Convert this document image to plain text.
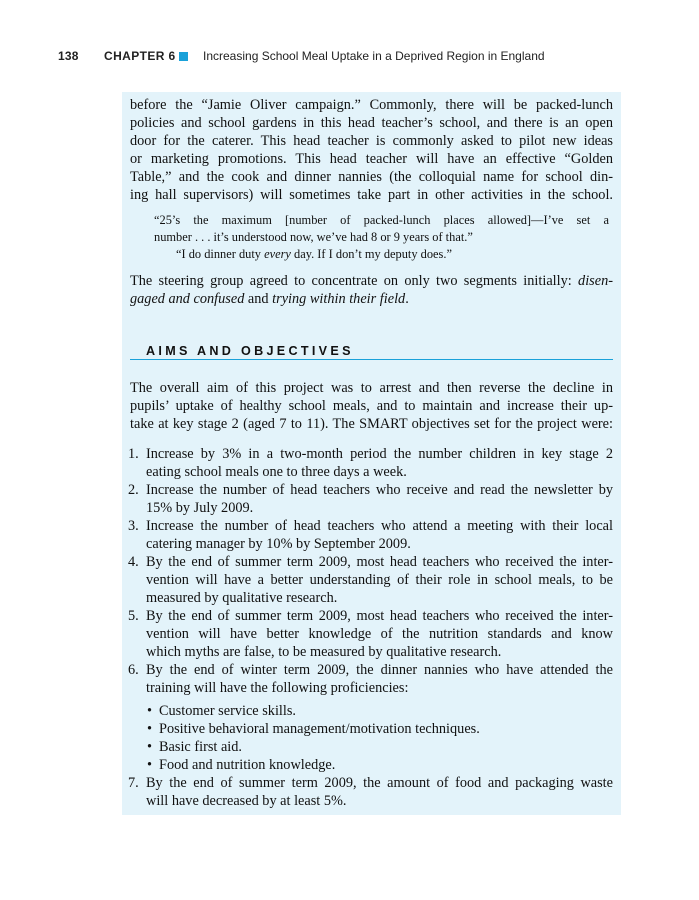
138 CHAPTER 6 Increasing School Meal Uptake in a Deprived Region in England
before the “Jamie Oliver campaign.” Commonly, there will be packed-lunch
policies and school gardens in this head teacher’s school, and there is an open
door for the caterer. This head teacher is commonly asked to pilot new ideas
or marketing promotions. This head teacher will have an effective “Golden
Table,” and the cook and dinner nannies (the colloquial name for school din-
ing hall supervisors) will sometimes take part in other activities in the school.
“25’s the maximum [number of packed-lunch places allowed]—I’ve set a
number . . . it’s understood now, we’ve had 8 or 9 years of that.”
“I do dinner duty every day. If I don’t my deputy does.”
The steering group agreed to concentrate on only two segments initially: disen-
gaged and confused and trying within their field.
AIMS AND OBJECTIVES
The overall aim of this project was to arrest and then reverse the decline in
pupils’ uptake of healthy school meals, and to maintain and increase their up-
take at key stage 2 (aged 7 to 11). The SMART objectives set for the project were:
1. Increase by 3% in a two-month period the number children in key stage 2
eating school meals one to three days a week.
2. Increase the number of head teachers who receive and read the newsletter by
15% by July 2009.
3. Increase the number of head teachers who attend a meeting with their local
catering manager by 10% by September 2009.
4. By the end of summer term 2009, most head teachers who received the inter-
vention will have a better understanding of their role in school meals, to be
measured by qualitative research.
5. By the end of summer term 2009, most head teachers who received the inter-
vention will have better knowledge of the nutrition standards and know
which myths are false, to be measured by qualitative research.
6. By the end of winter term 2009, the dinner nannies who have attended the
training will have the following proficiencies:
• Customer service skills.
• Positive behavioral management/motivation techniques.
• Basic first aid.
• Food and nutrition knowledge.
7. By the end of summer term 2009, the amount of food and packaging waste
will have decreased by at least 5%.
